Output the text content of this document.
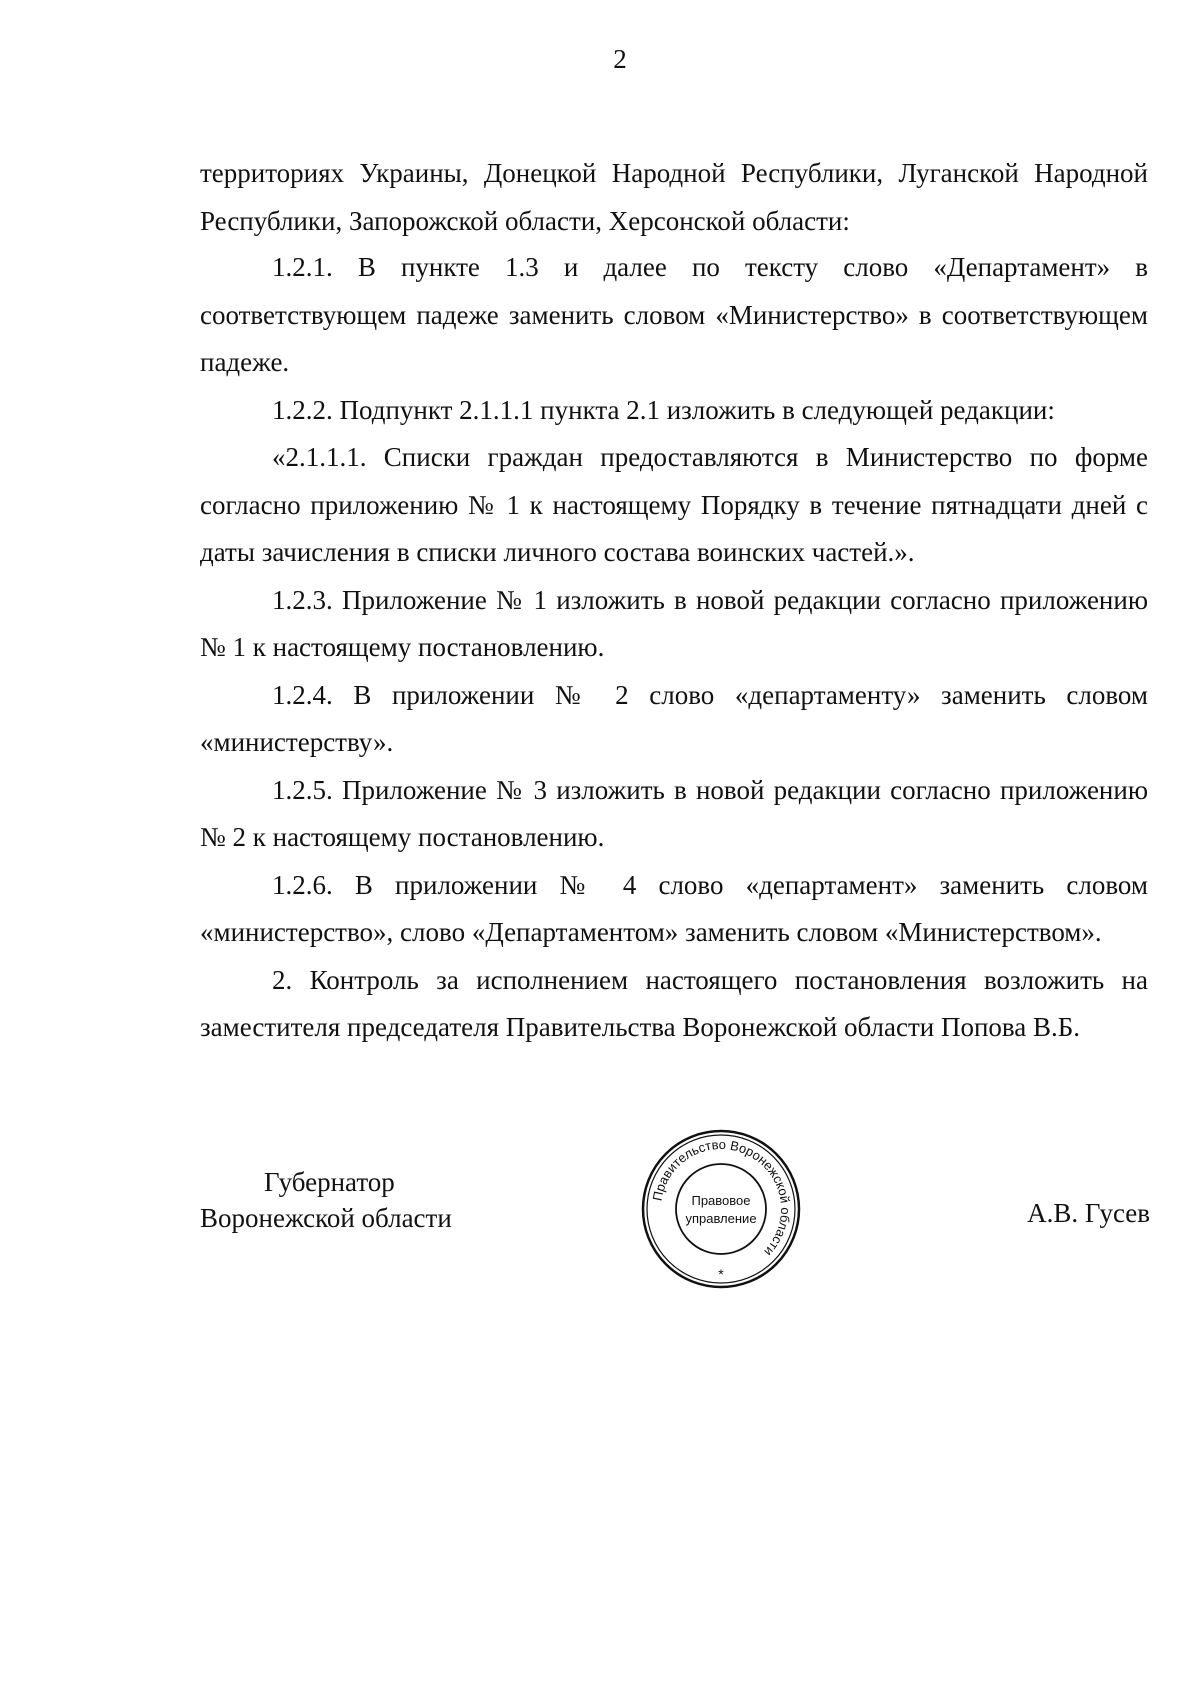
2

территориях Украины, Донецкой Народной Республики, Луганской Народной Республики, Запорожской области, Херсонской области:

1.2.1. В пункте 1.3 и далее по тексту слово «Департамент» в соответствующем падеже заменить словом «Министерство» в соответствующем падеже.

1.2.2. Подпункт 2.1.1.1 пункта 2.1 изложить в следующей редакции:

«2.1.1.1. Списки граждан предоставляются в Министерство по форме согласно приложению № 1 к настоящему Порядку в течение пятнадцати дней с даты зачисления в списки личного состава воинских частей.».

1.2.3. Приложение № 1 изложить в новой редакции согласно приложению № 1 к настоящему постановлению.

1.2.4. В приложении № 2 слово «департаменту» заменить словом «министерству».

1.2.5. Приложение № 3 изложить в новой редакции согласно приложению № 2 к настоящему постановлению.

1.2.6. В приложении № 4 слово «департамент» заменить словом «министерство», слово «Департаментом» заменить словом «Министерством».

2. Контроль за исполнением настоящего постановления возложить на заместителя председателя Правительства Воронежской области Попова В.Б.

Губернатор
Воронежской области
Правительство Воронежской области
Правовое
управление
*
А.В. Гусев
